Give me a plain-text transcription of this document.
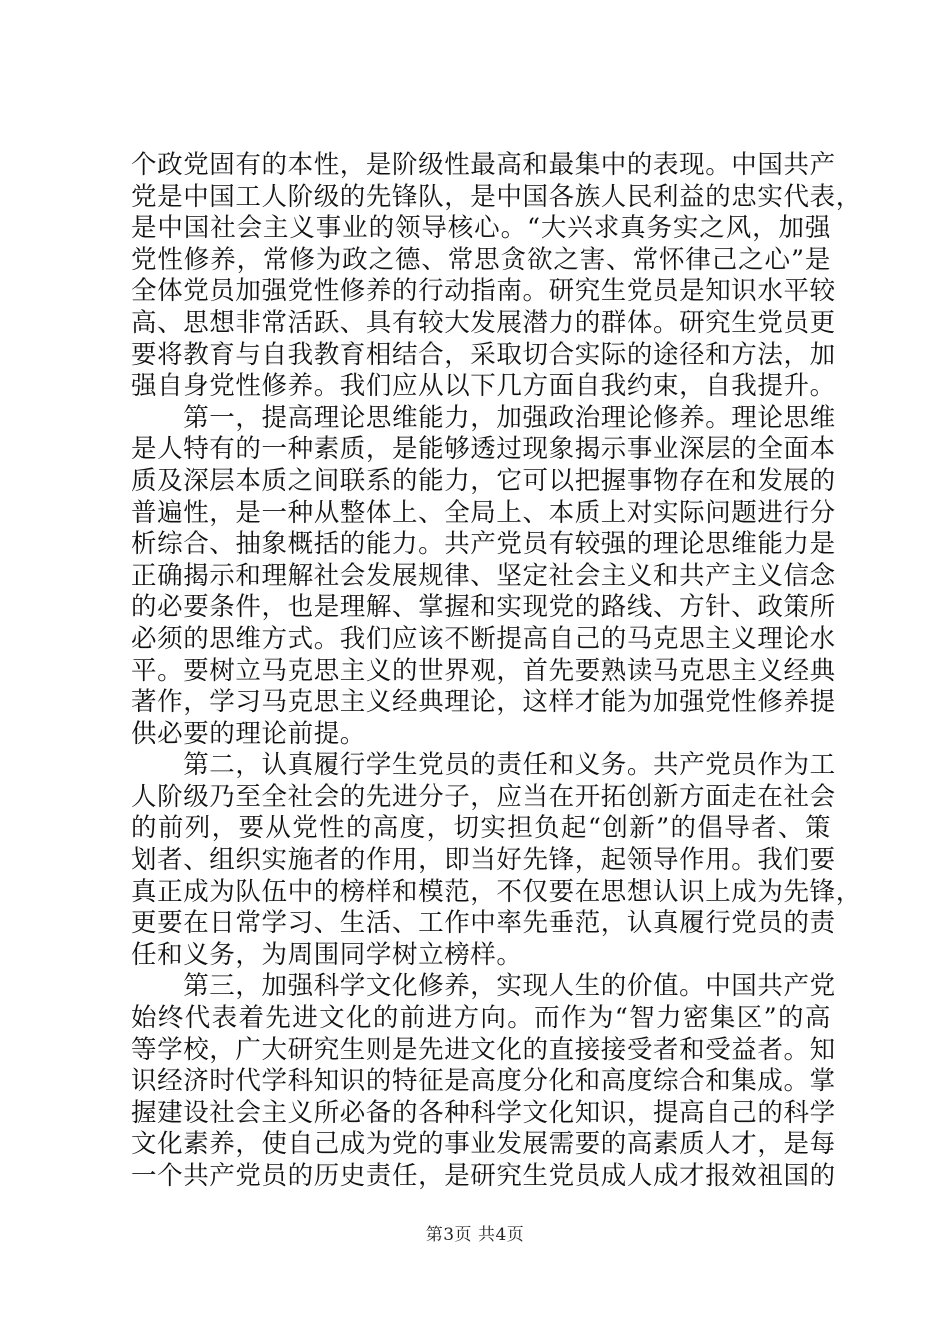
个政党固有的本性，是阶级性最高和最集中的表现。中国共产
党是中国工人阶级的先锋队，是中国各族人民利益的忠实代表，
是中国社会主义事业的领导核心。“大兴求真务实之风，加强
党性修养，常修为政之德、常思贪欲之害、常怀律己之心”是
全体党员加强党性修养的行动指南。研究生党员是知识水平较
高、思想非常活跃、具有较大发展潜力的群体。研究生党员更
要将教育与自我教育相结合，采取切合实际的途径和方法，加
强自身党性修养。我们应从以下几方面自我约束，自我提升。
　　第一，提高理论思维能力，加强政治理论修养。理论思维
是人特有的一种素质，是能够透过现象揭示事业深层的全面本
质及深层本质之间联系的能力，它可以把握事物存在和发展的
普遍性，是一种从整体上、全局上、本质上对实际问题进行分
析综合、抽象概括的能力。共产党员有较强的理论思维能力是
正确揭示和理解社会发展规律、坚定社会主义和共产主义信念
的必要条件，也是理解、掌握和实现党的路线、方针、政策所
必须的思维方式。我们应该不断提高自己的马克思主义理论水
平。要树立马克思主义的世界观，首先要熟读马克思主义经典
著作，学习马克思主义经典理论，这样才能为加强党性修养提
供必要的理论前提。
　　第二，认真履行学生党员的责任和义务。共产党员作为工
人阶级乃至全社会的先进分子，应当在开拓创新方面走在社会
的前列，要从党性的高度，切实担负起“创新”的倡导者、策
划者、组织实施者的作用，即当好先锋，起领导作用。我们要
真正成为队伍中的榜样和模范，不仅要在思想认识上成为先锋，
更要在日常学习、生活、工作中率先垂范，认真履行党员的责
任和义务，为周围同学树立榜样。
　　第三，加强科学文化修养，实现人生的价值。中国共产党
始终代表着先进文化的前进方向。而作为“智力密集区”的高
等学校，广大研究生则是先进文化的直接接受者和受益者。知
识经济时代学科知识的特征是高度分化和高度综合和集成。掌
握建设社会主义所必备的各种科学文化知识，提高自己的科学
文化素养，使自己成为党的事业发展需要的高素质人才，是每
一个共产党员的历史责任，是研究生党员成人成才报效祖国的
第3页 共4页
